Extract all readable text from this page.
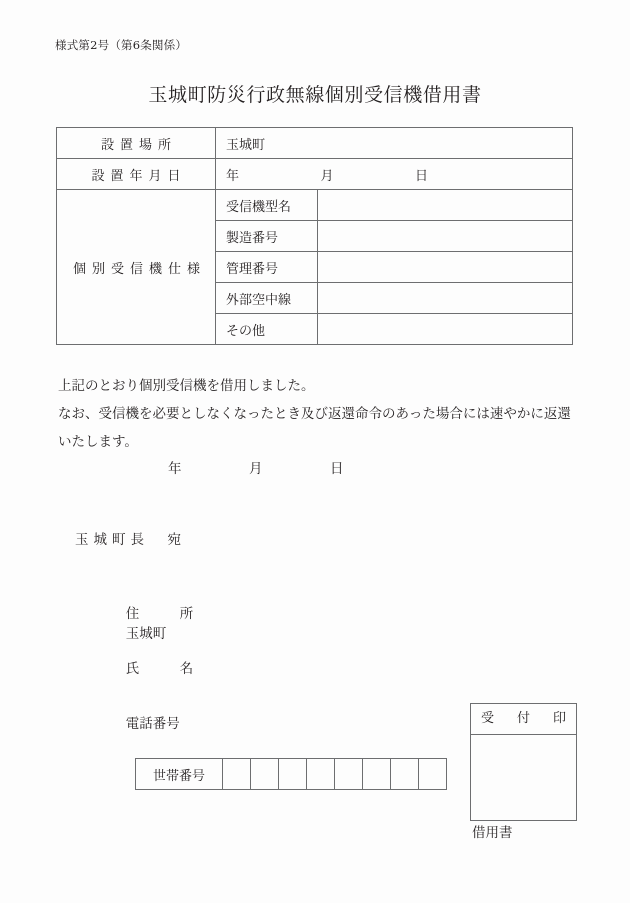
様式第2号（第6条関係）
玉城町防災行政無線個別受信機借用書
設置場所	玉城町	

設置年月日	年　　　　　　月　　　　　　日	

個別受信機仕様	受信機型名	
	製造番号	
	管理番号	
	外部空中線	
	その他	

上記のとおり個別受信機を借用しました。

なお、受信機を必要としなくなったとき及び返還命令のあった場合には速やかに返還

いたします。

年　　　　　月　　　　　日
玉城町長　宛

住　　　所
玉城町

氏　　　名

電話番号

世帯番号								
受　付　印
借用書
